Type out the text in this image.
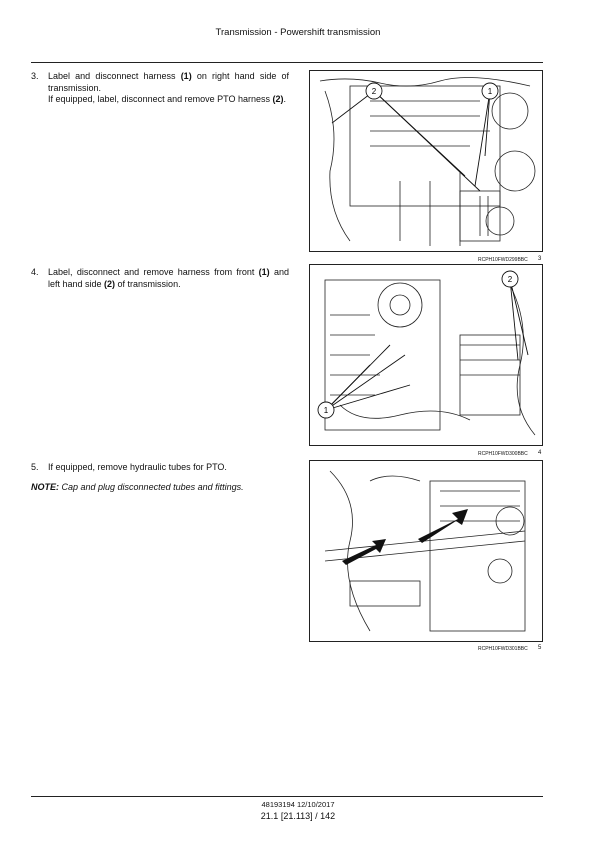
Transmission - Powershift transmission
3. Label and disconnect harness (1) on right hand side of transmission.
If equipped, label, disconnect and remove PTO harness (2).
2	1
RCPH10FWD299BBC 3
4. Label, disconnect and remove harness from front (1) and left hand side (2) of transmission.
1
2
RCPH10FWD300BBC 4
5. If equipped, remove hydraulic tubes for PTO.
NOTE: Cap and plug disconnected tubes and fittings.
RCPH10FWD301BBC 5
48193194 12/10/2017
21.1 [21.113] / 142
